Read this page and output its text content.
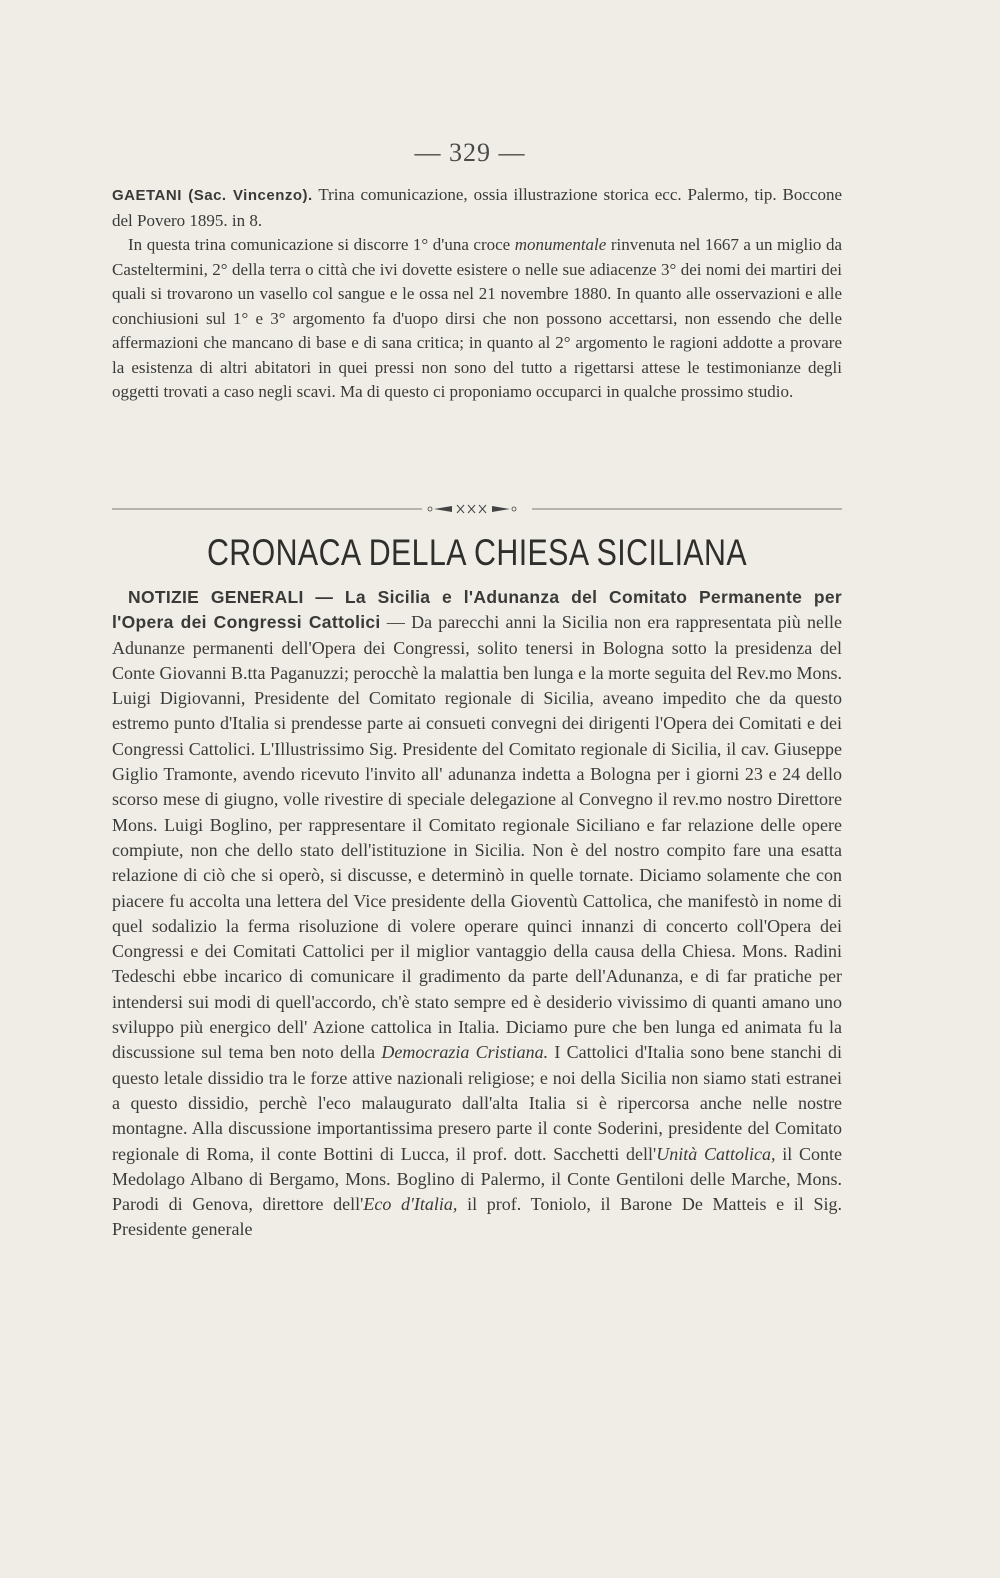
— 329 —

GAETANI (Sac. Vincenzo). Trina comunicazione, ossia illustrazione storica ecc. Palermo, tip. Boccone del Povero 1895. in 8.

In questa trina comunicazione si discorre 1° d'una croce monumentale rinvenuta nel 1667 a un miglio da Casteltermini, 2° della terra o città che ivi dovette esistere o nelle sue adiacenze 3° dei nomi dei martiri dei quali si trovarono un vasello col sangue e le ossa nel 21 novembre 1880. In quanto alle osservazioni e alle conchiusioni sul 1° e 3° argomento fa d'uopo dirsi che non possono accettarsi, non essendo che delle affermazioni che mancano di base e di sana critica; in quanto al 2° argomento le ragioni addotte a provare la esistenza di altri abitatori in quei pressi non sono del tutto a rigettarsi attese le testimonianze degli oggetti trovati a caso negli scavi. Ma di questo ci proponiamo occuparci in qualche prossimo studio.

CRONACA DELLA CHIESA SICILIANA

NOTIZIE GENERALI — La Sicilia e l'Adunanza del Comitato Permanente per l'Opera dei Congressi Cattolici — Da parecchi anni la Sicilia non era rappresentata più nelle Adunanze permanenti dell'Opera dei Congressi, solito tenersi in Bologna sotto la presidenza del Conte Giovanni B.tta Paganuzzi; perocchè la malattia ben lunga e la morte seguita del Rev.mo Mons. Luigi Digiovanni, Presidente del Comitato regionale di Sicilia, aveano impedito che da questo estremo punto d'Italia si prendesse parte ai consueti convegni dei dirigenti l'Opera dei Comitati e dei Congressi Cattolici. L'Illustrissimo Sig. Presidente del Comitato regionale di Sicilia, il cav. Giuseppe Giglio Tramonte, avendo ricevuto l'invito all' adunanza indetta a Bologna per i giorni 23 e 24 dello scorso mese di giugno, volle rivestire di speciale delegazione al Convegno il rev.mo nostro Direttore Mons. Luigi Boglino, per rappresentare il Comitato regionale Siciliano e far relazione delle opere compiute, non che dello stato dell'istituzione in Sicilia. Non è del nostro compito fare una esatta relazione di ciò che si operò, si discusse, e determinò in quelle tornate. Diciamo solamente che con piacere fu accolta una lettera del Vice presidente della Gioventù Cattolica, che manifestò in nome di quel sodalizio la ferma risoluzione di volere operare quinci innanzi di concerto coll'Opera dei Congressi e dei Comitati Cattolici per il miglior vantaggio della causa della Chiesa. Mons. Radini Tedeschi ebbe incarico di comunicare il gradimento da parte dell'Adunanza, e di far pratiche per intendersi sui modi di quell'accordo, ch'è stato sempre ed è desiderio vivissimo di quanti amano uno sviluppo più energico dell' Azione cattolica in Italia. Diciamo pure che ben lunga ed animata fu la discussione sul tema ben noto della Democrazia Cristiana. I Cattolici d'Italia sono bene stanchi di questo letale dissidio tra le forze attive nazionali religiose; e noi della Sicilia non siamo stati estranei a questo dissidio, perchè l'eco malaugurato dall'alta Italia si è ripercorsa anche nelle nostre montagne. Alla discussione importantissima presero parte il conte Soderini, presidente del Comitato regionale di Roma, il conte Bottini di Lucca, il prof. dott. Sacchetti dell'Unità Cattolica, il Conte Medolago Albano di Bergamo, Mons. Boglino di Palermo, il Conte Gentiloni delle Marche, Mons. Parodi di Genova, direttore dell'Eco d'Italia, il prof. Toniolo, il Barone De Matteis e il Sig. Presidente generale
